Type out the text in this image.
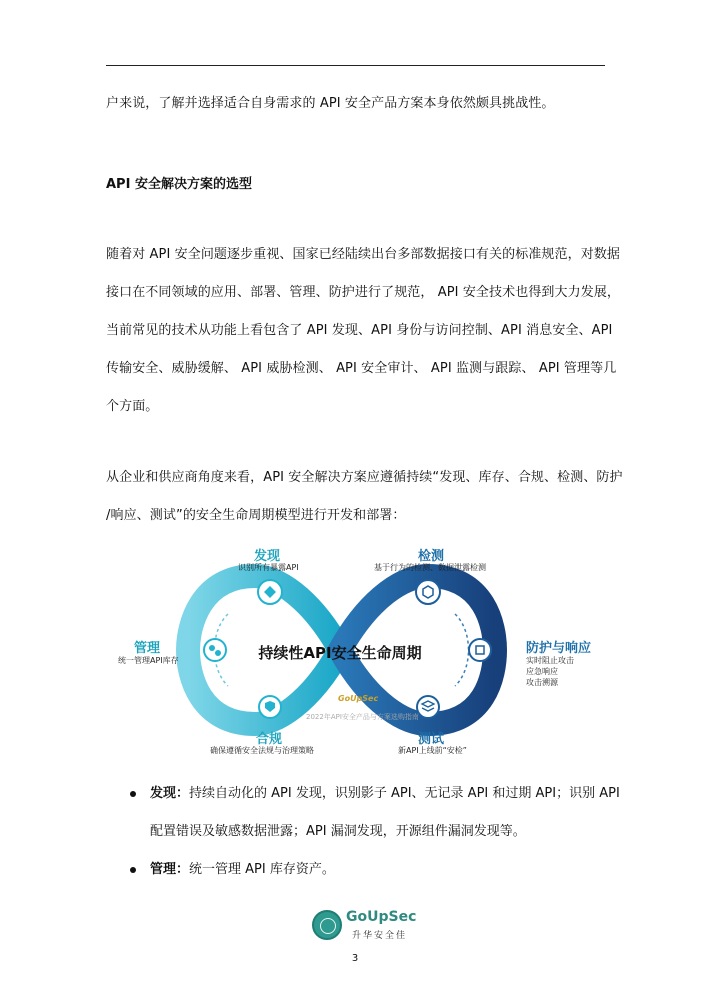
户来说，了解并选择适合自身需求的 API 安全产品方案本身依然颇具挑战性。
API 安全解决方案的选型
随着对 API 安全问题逐步重视、国家已经陆续出台多部数据接口有关的标准规范，对数据
接口在不同领域的应用、部署、管理、防护进行了规范， API 安全技术也得到大力发展，
当前常见的技术从功能上看包含了 API 发现、API 身份与访问控制、API 消息安全、API
传输安全、威胁缓解、 API 威胁检测、 API 安全审计、 API 监测与跟踪、 API 管理等几
个方面。
从企业和供应商角度来看，API 安全解决方案应遵循持续“发现、库存、合规、检测、防护
/响应、测试”的安全生命周期模型进行开发和部署：
发现
识别所有暴露API
检测
基于行为的检测、数据泄露检测
管理
统一管理API库存
防护与响应
实时阻止攻击
应急响应
攻击溯源
持续性API安全生命周期
GoUpSec
2022年API安全产品与方案选购指南
合规
确保遵循安全法规与治理策略
测试
新API上线前“安检”
发现：持续自动化的 API 发现，识别影子 API、无记录 API 和过期 API；识别 API
配置错误及敏感数据泄露；API 漏洞发现，开源组件漏洞发现等。
管理：统一管理 API 库存资产。
GoUpSec
升华安全佳
3
